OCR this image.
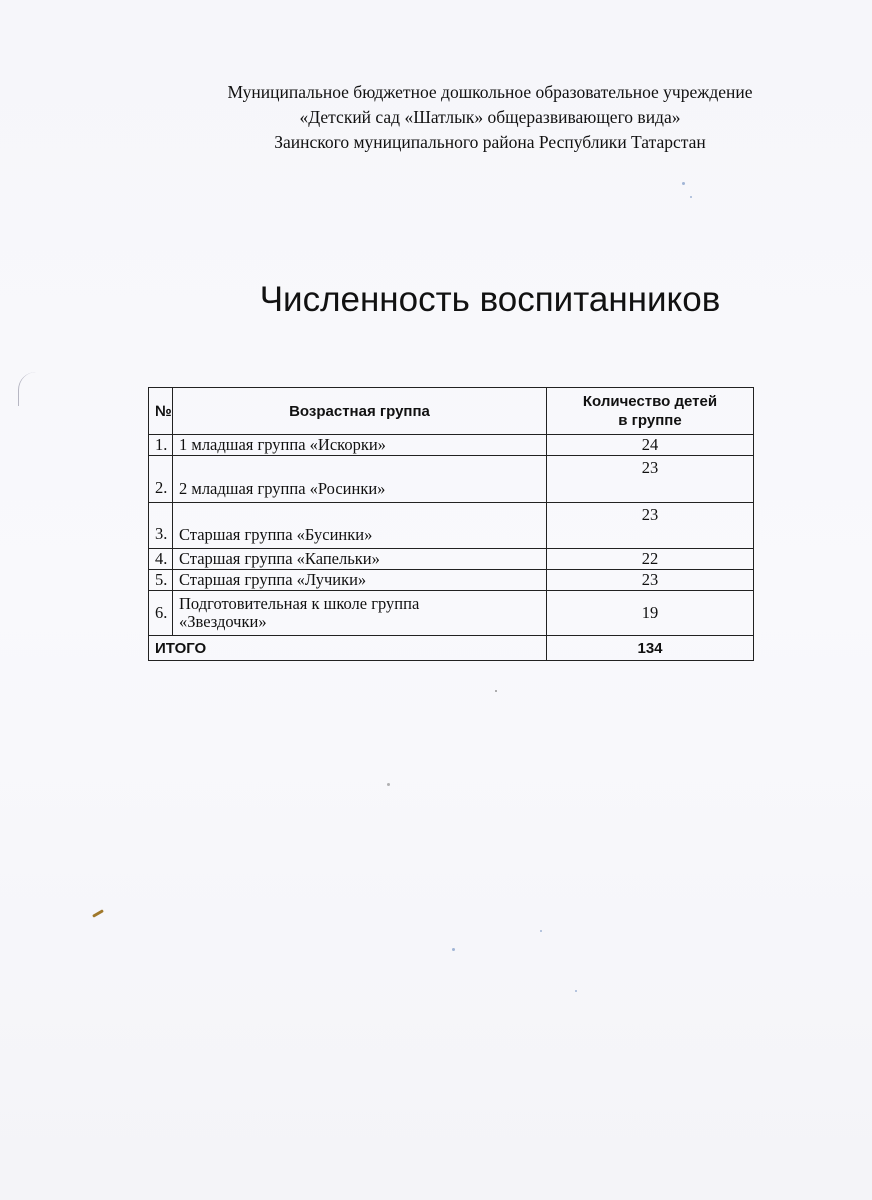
Муниципальное бюджетное дошкольное образовательное учреждение
«Детский сад «Шатлык» общеразвивающего вида»
Заинского муниципального района Республики Татарстан
Численность воспитанников
№	Возрастная группа	Количество детей
в группе
1.	1 младшая группа «Искорки»	24
2.	2 младшая группа «Росинки»	23
3.	Старшая группа «Бусинки»	23
4.	Старшая группа «Капельки»	22
5.	Старшая группа «Лучики»	23
6.	Подготовительная к школе группа
«Звездочки»	19
ИТОГО		134
